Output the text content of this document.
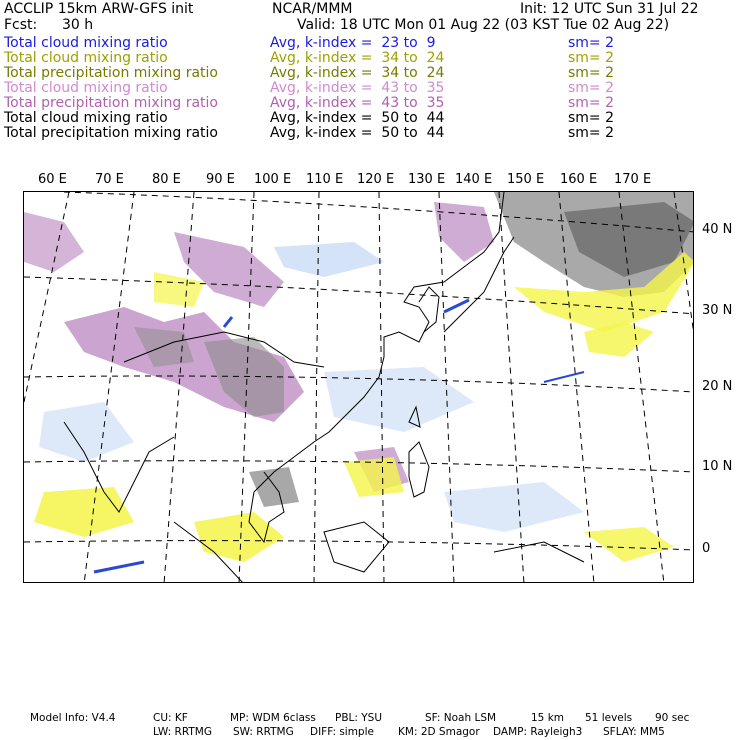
ACCLIP 15km ARW-GFS init	NCAR/MMM	Init: 12 UTC Sun 31 Jul 22
Fcst: 30 h	Valid: 18 UTC Mon 01 Aug 22 (03 KST Tue 02 Aug 22)
Total cloud mixing ratio	Avg, k-index =  23 to  9	sm= 2
Total cloud mixing ratio	Avg, k-index =  34 to  24	sm= 2
Total precipitation mixing ratio	Avg, k-index =  34 to  24	sm= 2
Total cloud mixing ratio	Avg, k-index =  43 to  35	sm= 2
Total precipitation mixing ratio	Avg, k-index =  43 to  35	sm= 2
Total cloud mixing ratio	Avg, k-index =  50 to  44	sm= 2
Total precipitation mixing ratio	Avg, k-index =  50 to  44	sm= 2
60 E 70 E 80 E 90 E 100 E 110 E 120 E 130 E 140 E 150 E 160 E 170 E
40 N
30 N
20 N
10 N
0
Model Info: V4.4	CU: KF	MP: WDM 6class PBL: YSU	SF: Noah LSM	15 km 51 levels 90 sec
LW: RRTMG SW: RRTMG DIFF: simple KM: 2D Smagor DAMP: Rayleigh3 SFLAY: MM5
